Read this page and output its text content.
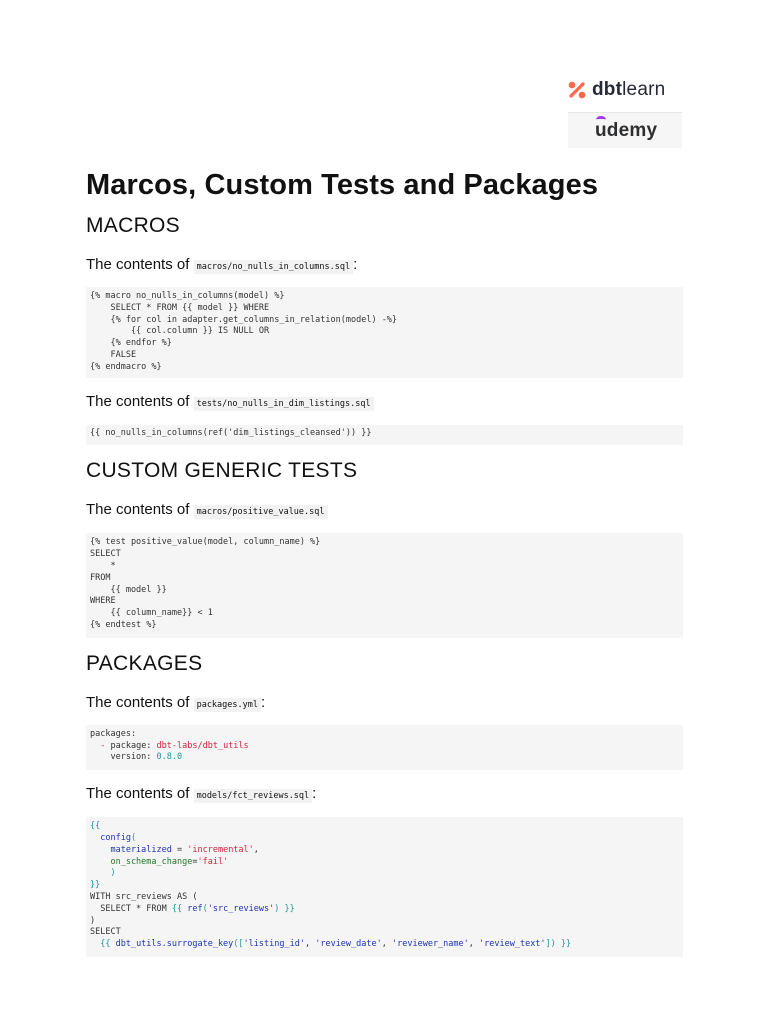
dbtlearn
udemy
Marcos, Custom Tests and Packages
MACROS

The contents of macros/no_nulls_in_columns.sql :

{% macro no_nulls_in_columns(model) %}
SELECT * FROM {{ model }} WHERE
{% for col in adapter.get_columns_in_relation(model) -%}
{{ col.column }} IS NULL OR
{% endfor %}
FALSE
{% endmacro %}

The contents of tests/no_nulls_in_dim_listings.sql

{{ no_nulls_in_columns(ref('dim_listings_cleansed')) }}
CUSTOM GENERIC TESTS

The contents of macros/positive_value.sql

{% test positive_value(model, column_name) %}
SELECT
*
FROM
{{ model }}
WHERE
{{ column_name}} < 1
{% endtest %}
PACKAGES

The contents of packages.yml :

packages:
- package: dbt-labs/dbt_utils
version: 0.8.0

The contents of models/fct_reviews.sql :

{{
config(
materialized = 'incremental',
on_schema_change='fail'
)
}}
WITH src_reviews AS (
SELECT * FROM {{ ref('src_reviews') }}
)
SELECT
{{ dbt_utils.surrogate_key(['listing_id', 'review_date', 'reviewer_name', 'review_text']) }}
